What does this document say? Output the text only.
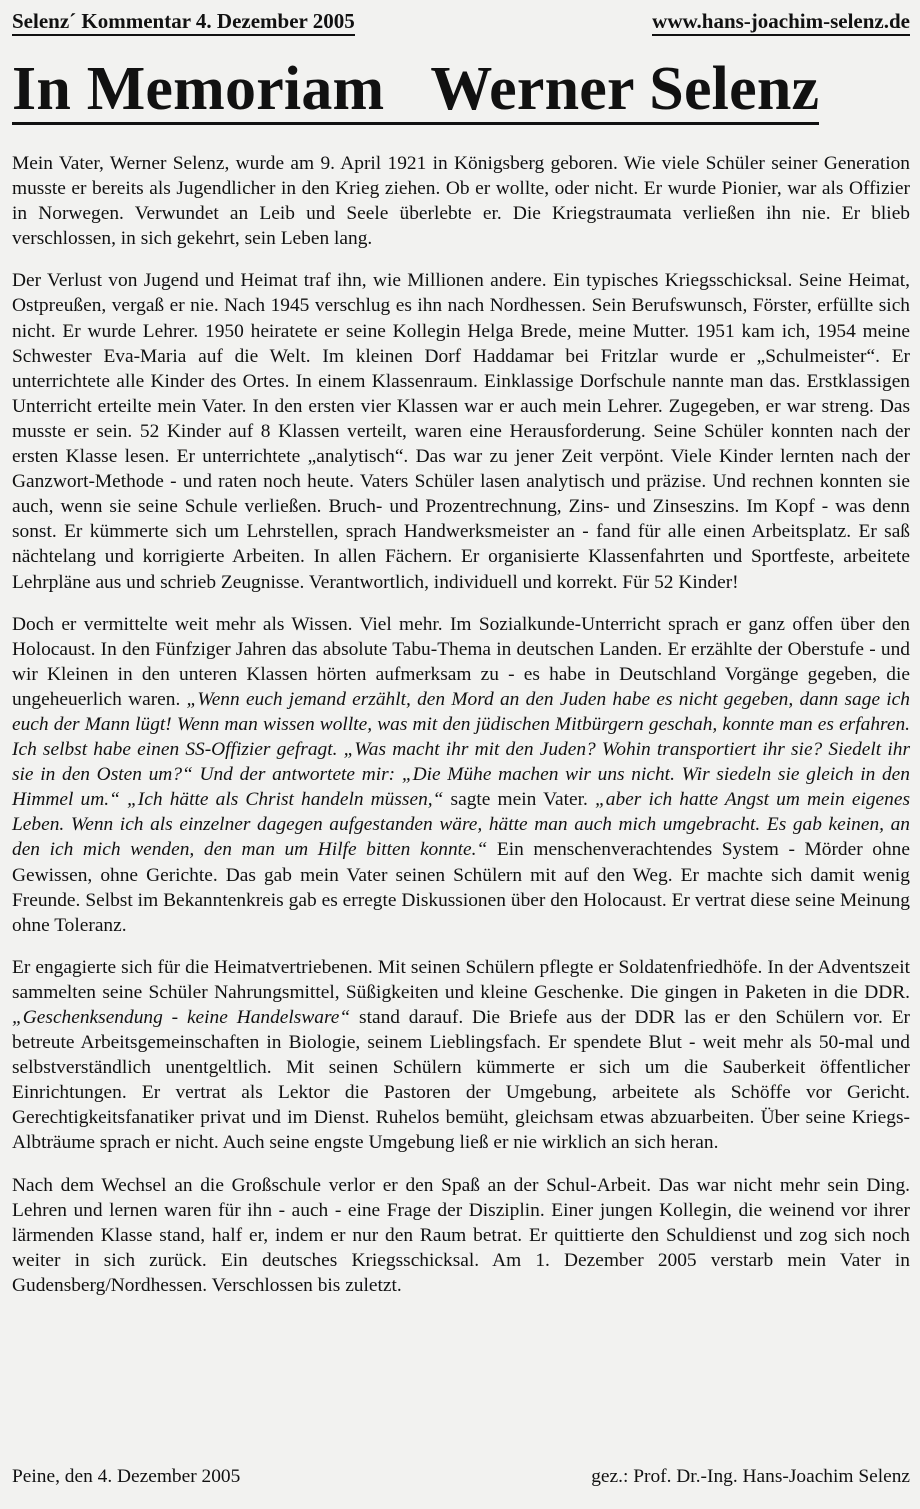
Selenz´ Kommentar 4. Dezember 2005	www.hans-joachim-selenz.de
In Memoriam   Werner Selenz

Mein Vater, Werner Selenz, wurde am 9. April 1921 in Königsberg geboren. Wie viele Schüler seiner Generation musste er bereits als Jugendlicher in den Krieg ziehen. Ob er wollte, oder nicht. Er wurde Pionier, war als Offizier in Norwegen. Verwundet an Leib und Seele überlebte er. Die Kriegstraumata verließen ihn nie. Er blieb verschlossen, in sich gekehrt, sein Leben lang.

Der Verlust von Jugend und Heimat traf ihn, wie Millionen andere. Ein typisches Kriegsschicksal. Seine Heimat, Ostpreußen, vergaß er nie. Nach 1945 verschlug es ihn nach Nordhessen. Sein Berufswunsch, Förster, erfüllte sich nicht. Er wurde Lehrer. 1950 heiratete er seine Kollegin Helga Brede, meine Mutter. 1951 kam ich, 1954 meine Schwester Eva-Maria auf die Welt. Im kleinen Dorf Haddamar bei Fritzlar wurde er „Schulmeister“. Er unterrichtete alle Kinder des Ortes. In einem Klassenraum. Einklassige Dorfschule nannte man das. Erstklassigen Unterricht erteilte mein Vater. In den ersten vier Klassen war er auch mein Lehrer. Zugegeben, er war streng. Das musste er sein. 52 Kinder auf 8 Klassen verteilt, waren eine Herausforderung. Seine Schüler konnten nach der ersten Klasse lesen. Er unterrichtete „analytisch“. Das war zu jener Zeit verpönt. Viele Kinder lernten nach der Ganzwort-Methode - und raten noch heute. Vaters Schüler lasen analytisch und präzise. Und rechnen konnten sie auch, wenn sie seine Schule verließen. Bruch- und Prozentrechnung, Zins- und Zinseszins. Im Kopf - was denn sonst. Er kümmerte sich um Lehrstellen, sprach Handwerksmeister an - fand für alle einen Arbeitsplatz. Er saß nächtelang und korrigierte Arbeiten. In allen Fächern. Er organisierte Klassenfahrten und Sportfeste, arbeitete Lehrpläne aus und schrieb Zeugnisse. Verantwortlich, individuell und korrekt. Für 52 Kinder!

Doch er vermittelte weit mehr als Wissen. Viel mehr. Im Sozialkunde-Unterricht sprach er ganz offen über den Holocaust. In den Fünfziger Jahren das absolute Tabu-Thema in deutschen Landen. Er erzählte der Oberstufe - und wir Kleinen in den unteren Klassen hörten aufmerksam zu - es habe in Deutschland Vorgänge gegeben, die ungeheuerlich waren. „Wenn euch jemand erzählt, den Mord an den Juden habe es nicht gegeben, dann sage ich euch der Mann lügt! Wenn man wissen wollte, was mit den jüdischen Mitbürgern geschah, konnte man es erfahren. Ich selbst habe einen SS-Offizier gefragt. „Was macht ihr mit den Juden? Wohin transportiert ihr sie? Siedelt ihr sie in den Osten um?“ Und der antwortete mir: „Die Mühe machen wir uns nicht. Wir siedeln sie gleich in den Himmel um.“ „Ich hätte als Christ handeln müssen,“ sagte mein Vater. „aber ich hatte Angst um mein eigenes Leben. Wenn ich als einzelner dagegen aufgestanden wäre, hätte man auch mich umgebracht. Es gab keinen, an den ich mich wenden, den man um Hilfe bitten konnte.“ Ein menschenverachtendes System - Mörder ohne Gewissen, ohne Gerichte. Das gab mein Vater seinen Schülern mit auf den Weg. Er machte sich damit wenig Freunde. Selbst im Bekanntenkreis gab es erregte Diskussionen über den Holocaust. Er vertrat diese seine Meinung ohne Toleranz.

Er engagierte sich für die Heimatvertriebenen. Mit seinen Schülern pflegte er Soldatenfriedhöfe. In der Adventszeit sammelten seine Schüler Nahrungsmittel, Süßigkeiten und kleine Geschenke. Die gingen in Paketen in die DDR. „Geschenksendung - keine Handelsware“ stand darauf. Die Briefe aus der DDR las er den Schülern vor. Er betreute Arbeitsgemeinschaften in Biologie, seinem Lieblingsfach. Er spendete Blut - weit mehr als 50-mal und selbstverständlich unentgeltlich. Mit seinen Schülern kümmerte er sich um die Sauberkeit öffentlicher Einrichtungen. Er vertrat als Lektor die Pastoren der Umgebung, arbeitete als Schöffe vor Gericht. Gerechtigkeitsfanatiker privat und im Dienst. Ruhelos bemüht, gleichsam etwas abzuarbeiten. Über seine Kriegs-Albträume sprach er nicht. Auch seine engste Umgebung ließ er nie wirklich an sich heran.

Nach dem Wechsel an die Großschule verlor er den Spaß an der Schul-Arbeit. Das war nicht mehr sein Ding. Lehren und lernen waren für ihn - auch - eine Frage der Disziplin. Einer jungen Kollegin, die weinend vor ihrer lärmenden Klasse stand, half er, indem er nur den Raum betrat. Er quittierte den Schuldienst und zog sich noch weiter in sich zurück. Ein deutsches Kriegsschicksal. Am 1. Dezember 2005 verstarb mein Vater in Gudensberg/Nordhessen. Verschlossen bis zuletzt.

Peine, den 4. Dezember 2005	gez.: Prof. Dr.-Ing. Hans-Joachim Selenz
